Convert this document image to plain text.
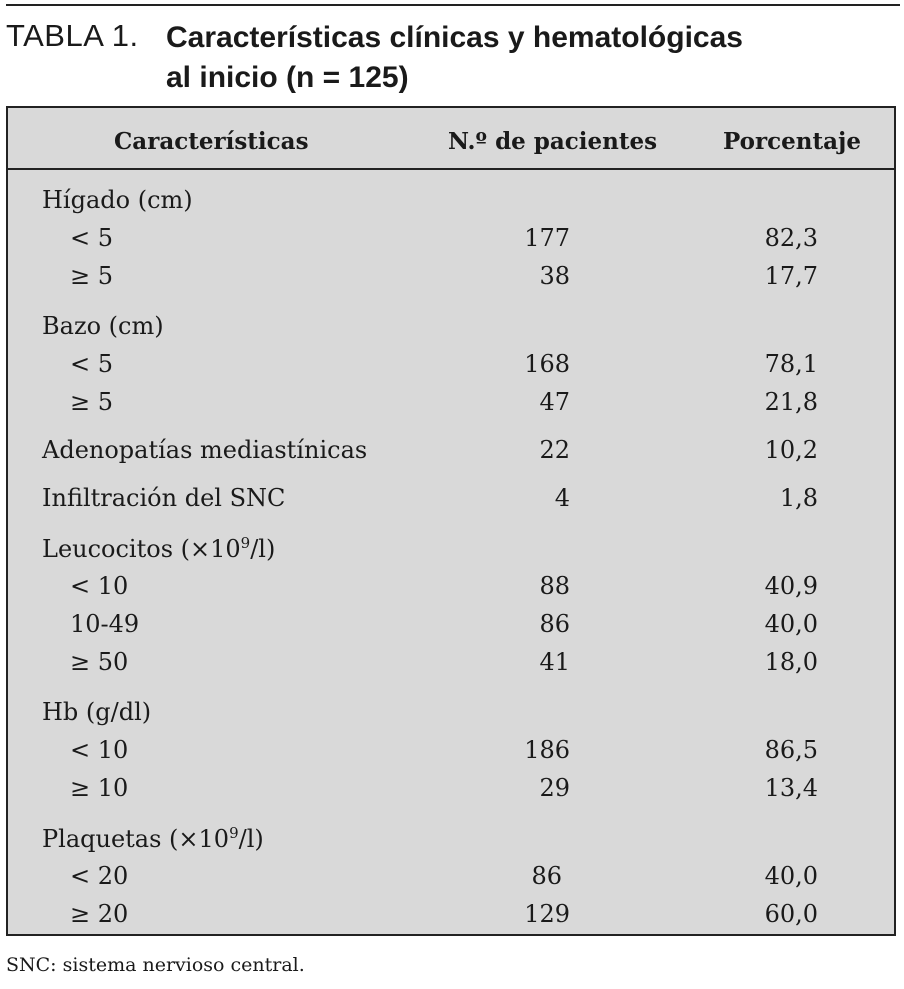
TABLA 1. Características clínicas y hematológicas
al inicio (n = 125)
Características	N.º de pacientes	Porcentaje
Hígado (cm)
< 5	177	82,3
≥ 5	38	17,7
Bazo (cm)
< 5	168	78,1
≥ 5	47	21,8
Adenopatías mediastínicas	22	10,2
Infiltración del SNC	4	1,8
Leucocitos $(\times 10^9/l)$
< 10	88	40,9
10-49	86	40,0
≥ 50	41	18,0
Hb (g/dl)
< 10	186	86,5
≥ 10	29	13,4
Plaquetas $(\times 10^9/l)$
< 20	86	40,0
≥ 20	129	60,0
SNC: sistema nervioso central.
